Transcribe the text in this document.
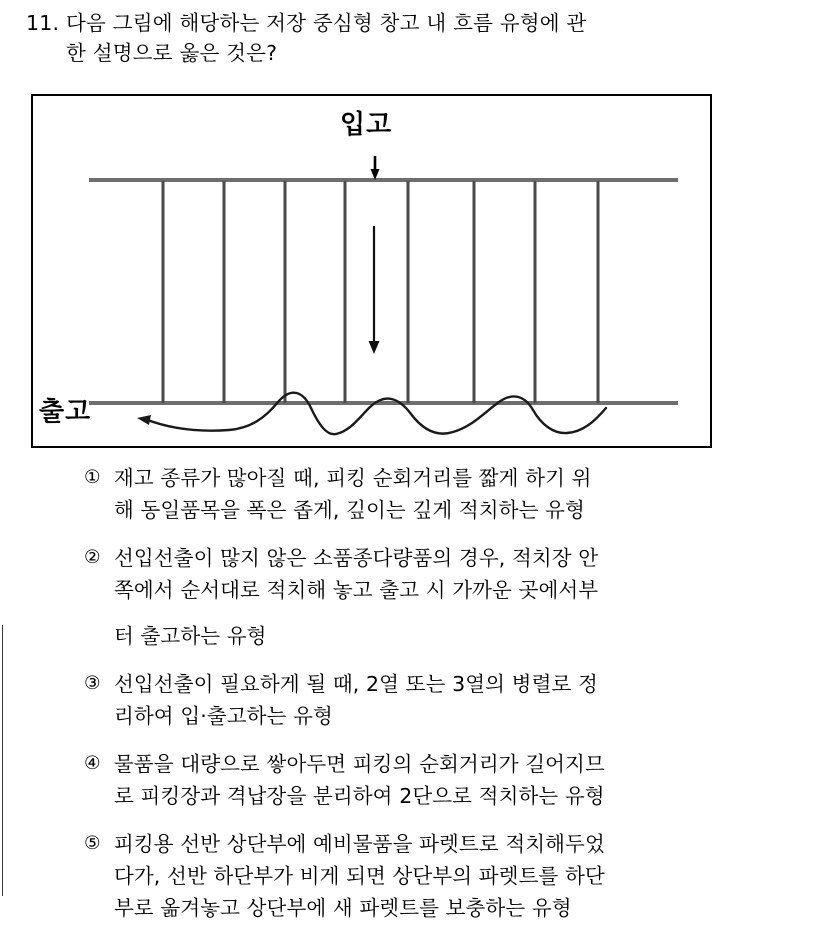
11. 다음 그림에 해당하는 저장 중심형 창고 내 흐름 유형에 관
한 설명으로 옳은 것은?
입고
출고
① 재고 종류가 많아질 때, 피킹 순회거리를 짧게 하기 위
해 동일품목을 폭은 좁게, 깊이는 깊게 적치하는 유형
② 선입선출이 많지 않은 소품종다량품의 경우, 적치장 안
쪽에서 순서대로 적치해 놓고 출고 시 가까운 곳에서부
터 출고하는 유형
③ 선입선출이 필요하게 될 때, 2열 또는 3열의 병렬로 정
리하여 입·출고하는 유형
④ 물품을 대량으로 쌓아두면 피킹의 순회거리가 길어지므
로 피킹장과 격납장을 분리하여 2단으로 적치하는 유형
⑤ 피킹용 선반 상단부에 예비물품을 파렛트로 적치해두었
다가, 선반 하단부가 비게 되면 상단부의 파렛트를 하단
부로 옮겨놓고 상단부에 새 파렛트를 보충하는 유형
